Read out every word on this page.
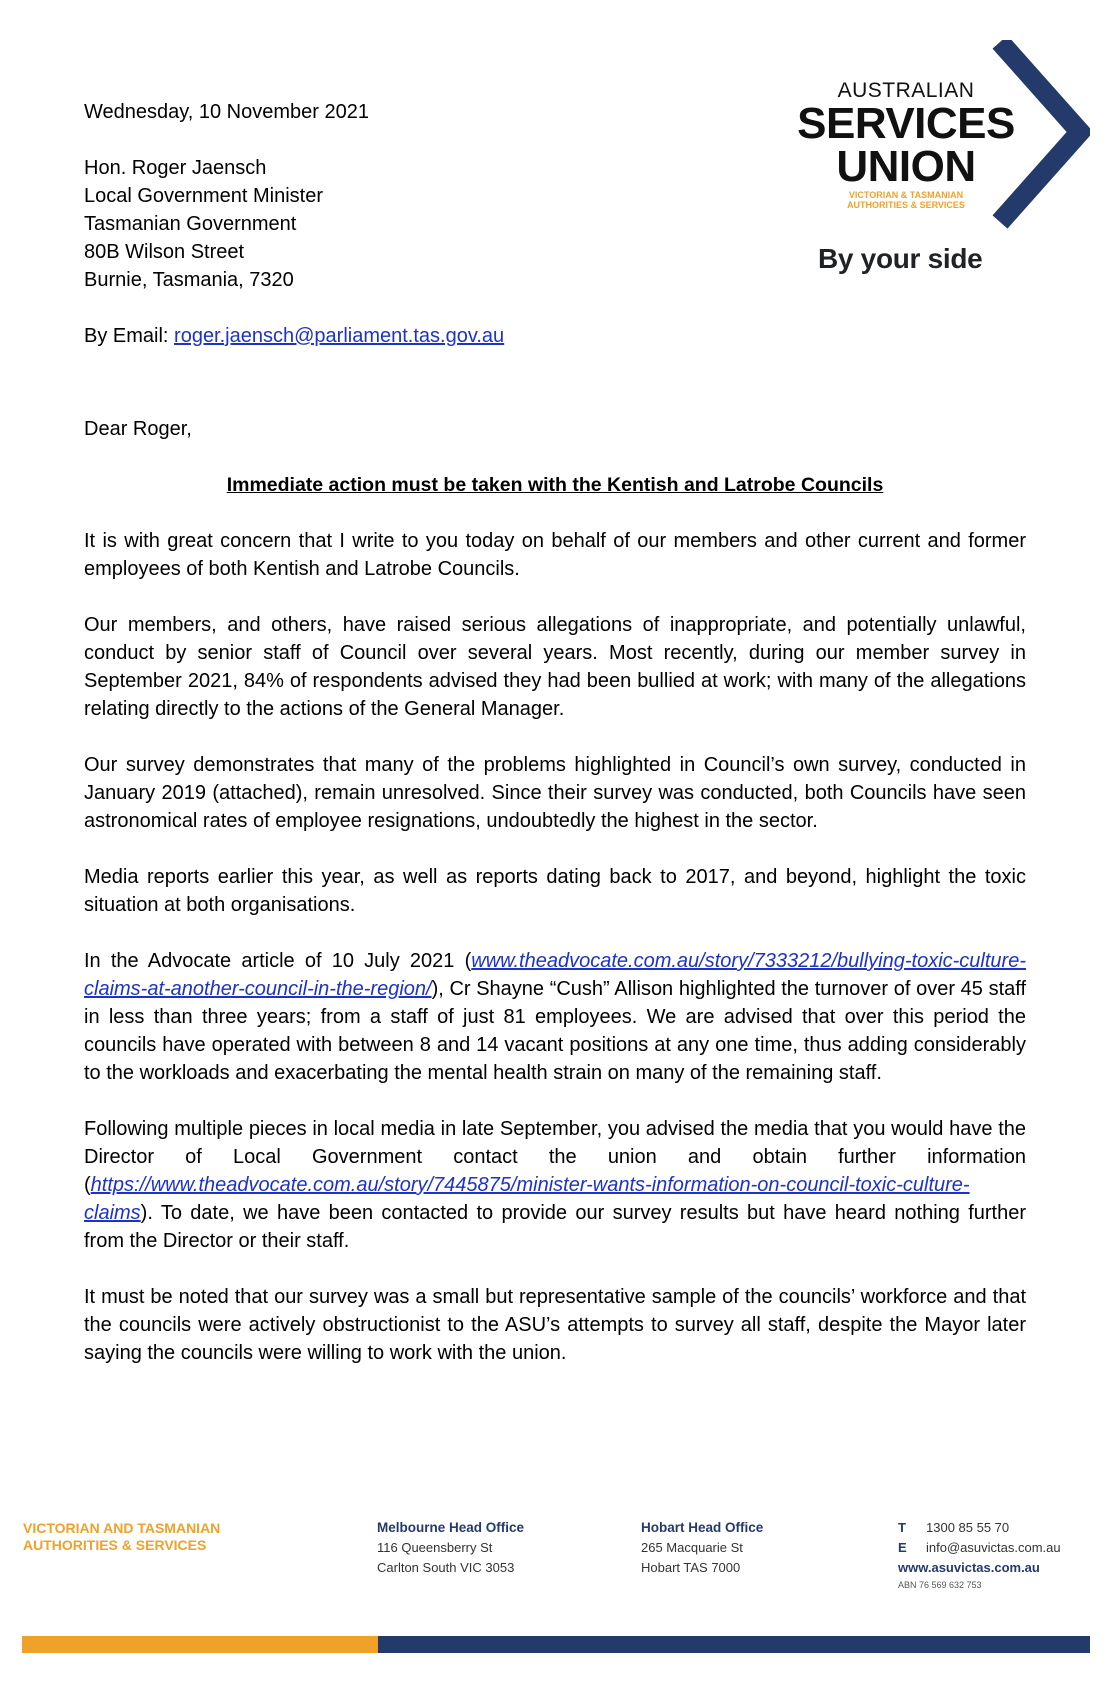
AUSTRALIAN
SERVICES
UNION
VICTORIAN & TASMANIAN
AUTHORITIES & SERVICES
By your side

Wednesday, 10 November 2021

Hon. Roger Jaensch
Local Government Minister
Tasmanian Government
80B Wilson Street
Burnie, Tasmania, 7320

By Email: roger.jaensch@parliament.tas.gov.au

Dear Roger,

Immediate action must be taken with the Kentish and Latrobe Councils

It is with great concern that I write to you today on behalf of our members and other current and former employees of both Kentish and Latrobe Councils.

Our members, and others, have raised serious allegations of inappropriate, and potentially unlawful, conduct by senior staff of Council over several years. Most recently, during our member survey in September 2021, 84% of respondents advised they had been bullied at work; with many of the allegations relating directly to the actions of the General Manager.

Our survey demonstrates that many of the problems highlighted in Council’s own survey, conducted in January 2019 (attached), remain unresolved. Since their survey was conducted, both Councils have seen astronomical rates of employee resignations, undoubtedly the highest in the sector.

Media reports earlier this year, as well as reports dating back to 2017, and beyond, highlight the toxic situation at both organisations.

In the Advocate article of 10 July 2021 (www.theadvocate.com.au/story/7333212/bullying-toxic-culture-claims-at-another-council-in-the-region/), Cr Shayne “Cush” Allison highlighted the turnover of over 45 staff in less than three years; from a staff of just 81 employees. We are advised that over this period the councils have operated with between 8 and 14 vacant positions at any one time, thus adding considerably to the workloads and exacerbating the mental health strain on many of the remaining staff.

Following multiple pieces in local media in late September, you advised the media that you would have the Director of Local Government contact the union and obtain further information (https://www.theadvocate.com.au/story/7445875/minister-wants-information-on-council-toxic-culture-claims). To date, we have been contacted to provide our survey results but have heard nothing further from the Director or their staff.

It must be noted that our survey was a small but representative sample of the councils’ workforce and that the councils were actively obstructionist to the ASU’s attempts to survey all staff, despite the Mayor later saying the councils were willing to work with the union.

VICTORIAN AND TASMANIAN
AUTHORITIES & SERVICES
Melbourne Head Office
116 Queensberry St
Carlton South VIC 3053
Hobart Head Office
265 Macquarie St
Hobart TAS 7000
T 1300 85 55 70
E info@asuvictas.com.au
www.asuvictas.com.au
ABN 76 569 632 753
